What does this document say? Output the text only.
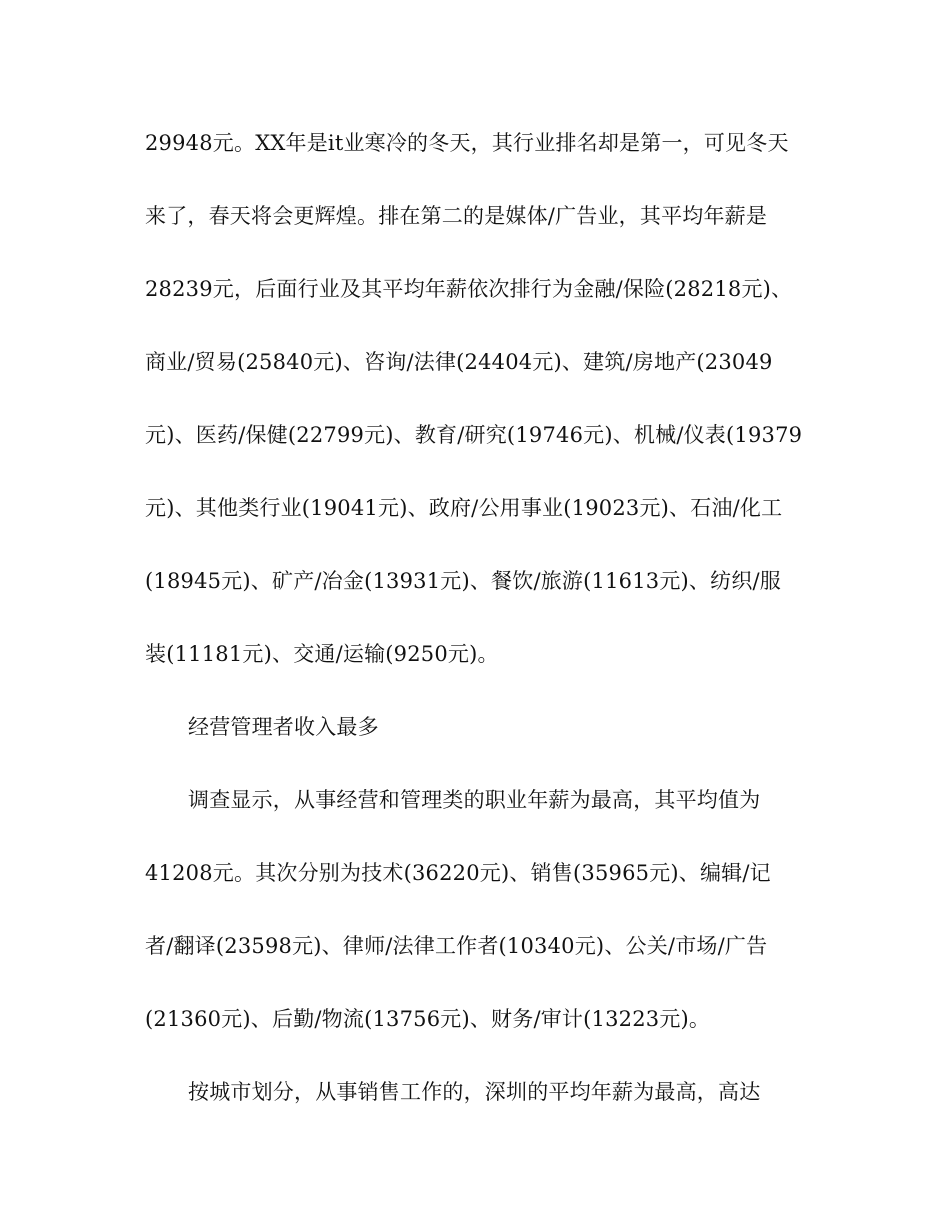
29948元。XX年是it业寒冷的冬天，其行业排名却是第一，可见冬天
来了，春天将会更辉煌。排在第二的是媒体/广告业，其平均年薪是
28239元，后面行业及其平均年薪依次排行为金融/保险(28218元)、
商业/贸易(25840元)、咨询/法律(24404元)、建筑/房地产(23049
元)、医药/保健(22799元)、教育/研究(19746元)、机械/仪表(19379
元)、其他类行业(19041元)、政府/公用事业(19023元)、石油/化工
(18945元)、矿产/冶金(13931元)、餐饮/旅游(11613元)、纺织/服
装(11181元)、交通/运输(9250元)。
经营管理者收入最多
调查显示，从事经营和管理类的职业年薪为最高，其平均值为
41208元。其次分别为技术(36220元)、销售(35965元)、编辑/记
者/翻译(23598元)、律师/法律工作者(10340元)、公关/市场/广告
(21360元)、后勤/物流(13756元)、财务/审计(13223元)。
按城市划分，从事销售工作的，深圳的平均年薪为最高，高达
